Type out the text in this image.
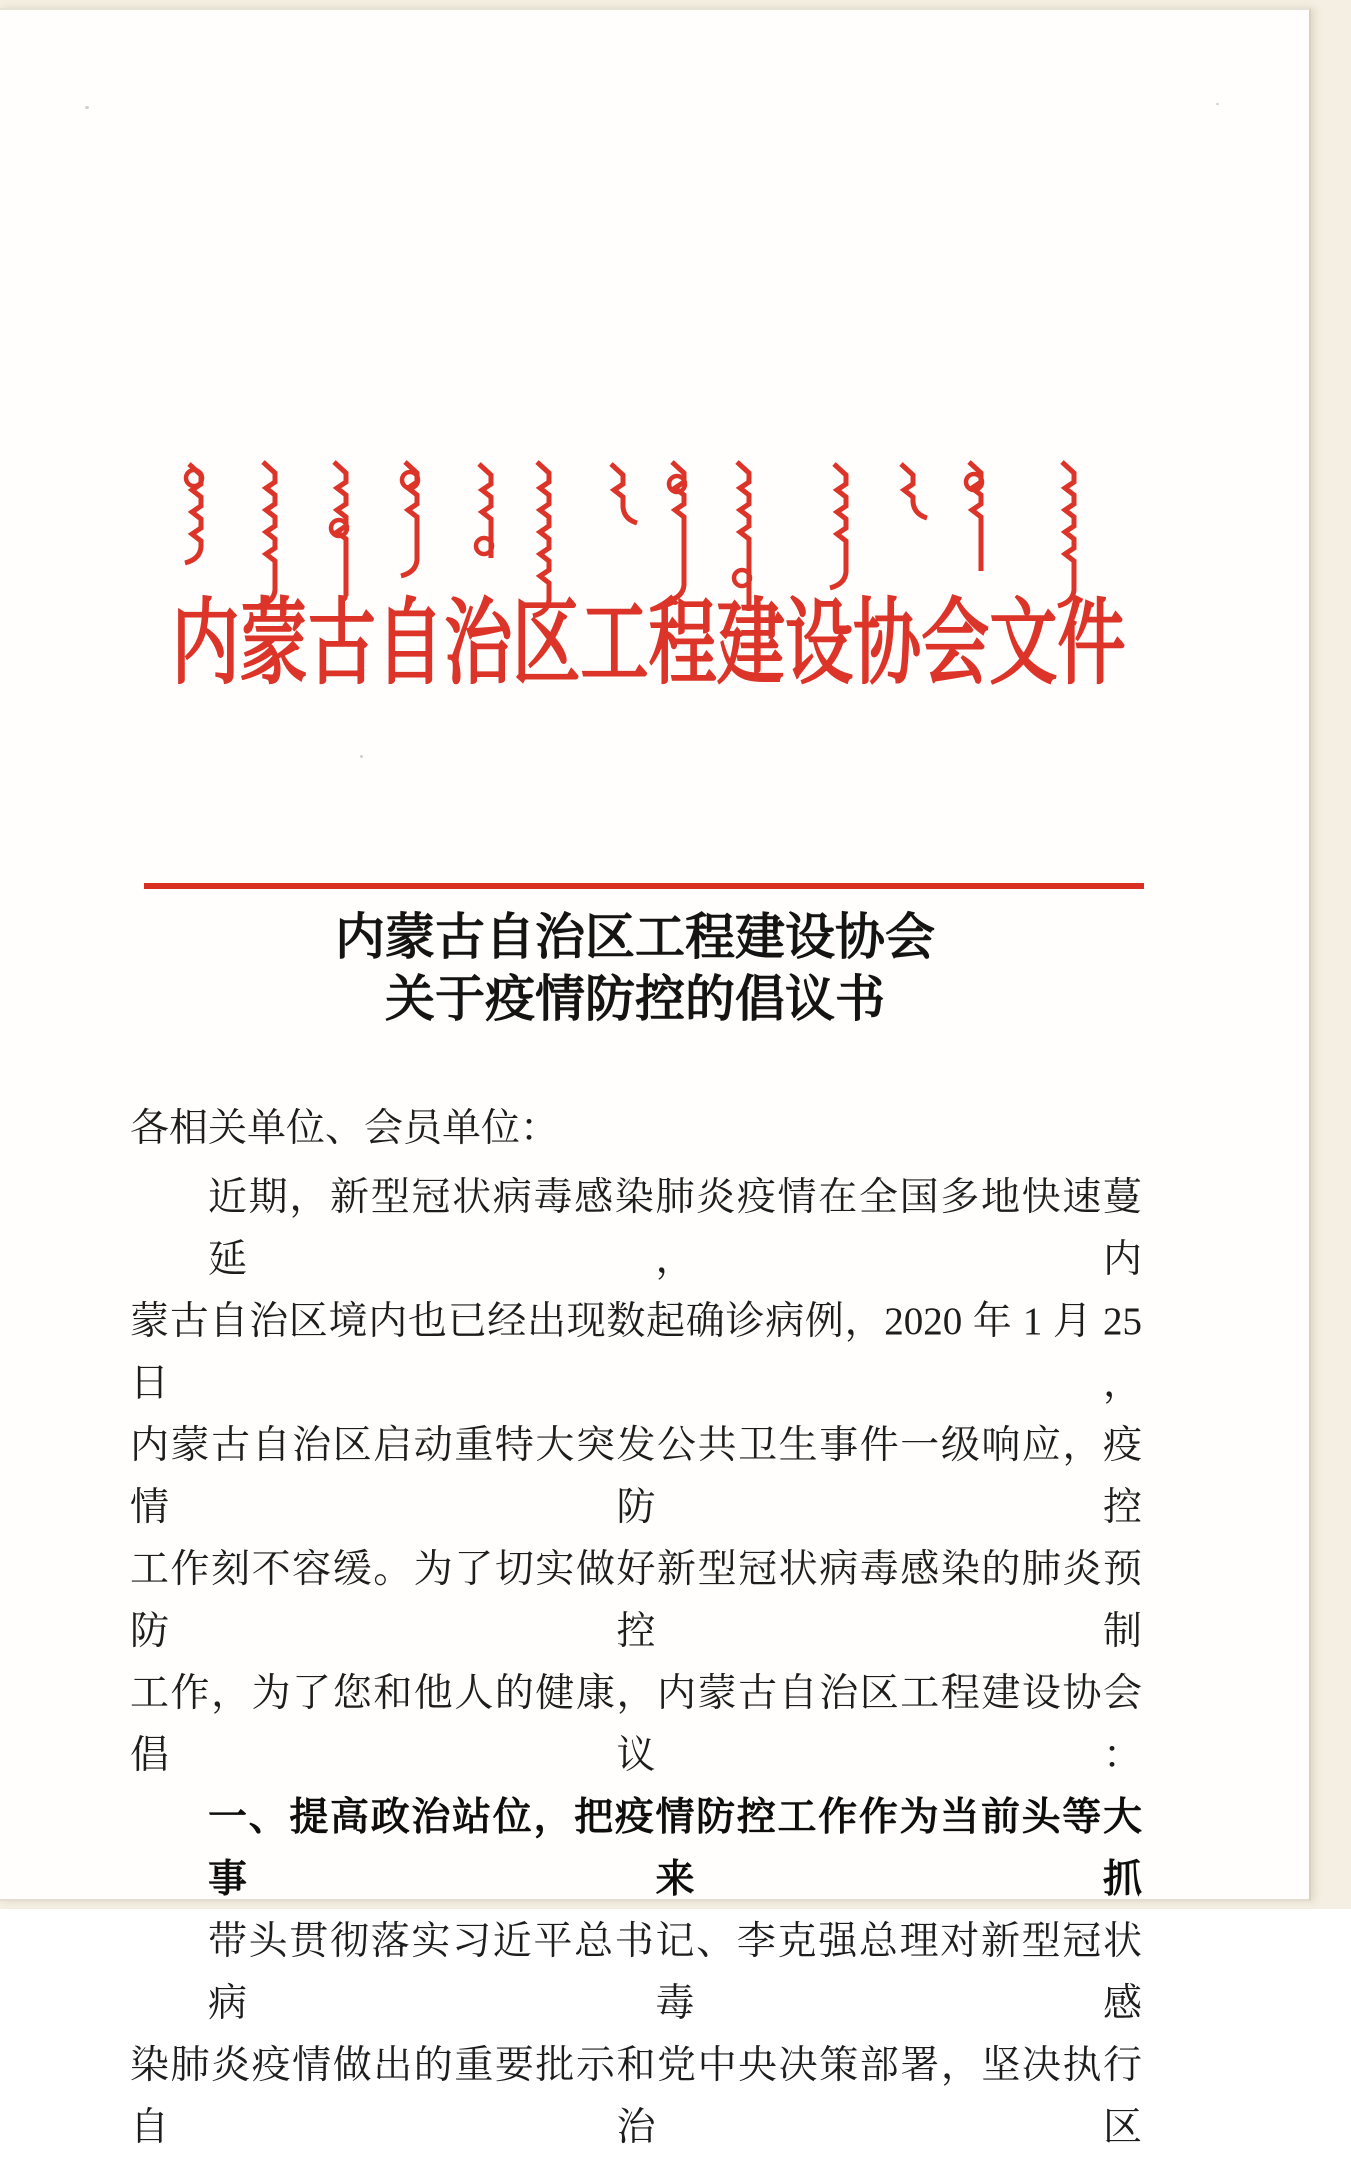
内蒙古自治区工程建设协会文件
内蒙古自治区工程建设协会
关于疫情防控的倡议书
各相关单位、会员单位：
近期，新型冠状病毒感染肺炎疫情在全国多地快速蔓延，内
蒙古自治区境内也已经出现数起确诊病例，2020 年 1 月 25 日，
内蒙古自治区启动重特大突发公共卫生事件一级响应，疫情防控
工作刻不容缓。为了切实做好新型冠状病毒感染的肺炎预防控制
工作，为了您和他人的健康，内蒙古自治区工程建设协会倡议：
一、提高政治站位，把疫情防控工作作为当前头等大事来抓
带头贯彻落实习近平总书记、李克强总理对新型冠状病毒感
染肺炎疫情做出的重要批示和党中央决策部署，坚决执行自治区
